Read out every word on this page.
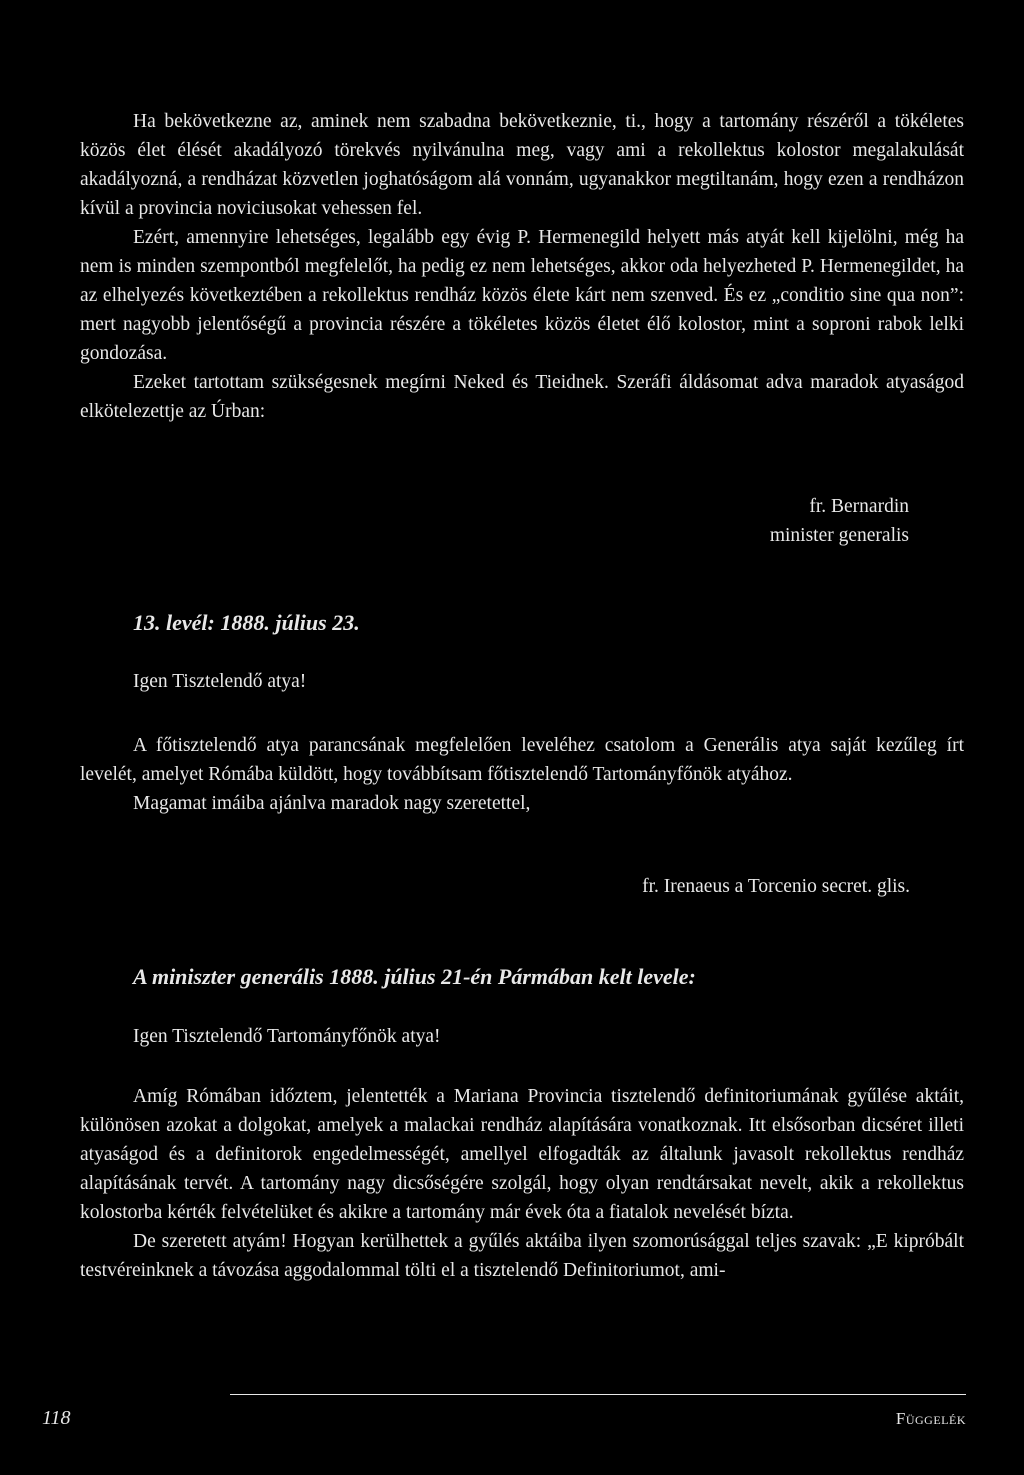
Ha bekövetkezne az, aminek nem szabadna bekövetkeznie, ti., hogy a tartomány részéről a tökéletes közös élet élését akadályozó törekvés nyilvánulna meg, vagy ami a rekollektus kolostor megalakulását akadályozná, a rendházat közvetlen joghatóságom alá vonnám, ugyanakkor megtiltanám, hogy ezen a rendházon kívül a provincia noviciusokat vehessen fel.

Ezért, amennyire lehetséges, legalább egy évig P. Hermenegild helyett más atyát kell kijelölni, még ha nem is minden szempontból megfelelőt, ha pedig ez nem lehetséges, akkor oda helyezheted P. Hermenegildet, ha az elhelyezés következtében a rekollektus rendház közös élete kárt nem szenved. És ez „conditio sine qua non”: mert nagyobb jelentőségű a provincia részére a tökéletes közös életet élő kolostor, mint a soproni rabok lelki gondozása.

Ezeket tartottam szükségesnek megírni Neked és Tieidnek. Szeráfi áldásomat adva maradok atyaságod elkötelezettje az Úrban:

fr. Bernardin
minister generalis
13. levél: 1888. július 23.
Igen Tisztelendő atya!

A főtisztelendő atya parancsának megfelelően leveléhez csatolom a Generális atya saját kezűleg írt levelét, amelyet Rómába küldött, hogy továbbítsam főtisztelendő Tartományfőnök atyához.

Magamat imáiba ajánlva maradok nagy szeretettel,

fr. Irenaeus a Torcenio secret. glis.
A miniszter generális 1888. július 21-én Pármában kelt levele:
Igen Tisztelendő Tartományfőnök atya!

Amíg Rómában időztem, jelentették a Mariana Provincia tisztelendő definitoriumának gyűlése aktáit, különösen azokat a dolgokat, amelyek a malackai rendház alapítására vonatkoznak. Itt elsősorban dicséret illeti atyaságod és a definitorok engedelmességét, amellyel elfogadták az általunk javasolt rekollektus rendház alapításának tervét. A tartomány nagy dicsőségére szolgál, hogy olyan rendtársakat nevelt, akik a rekollektus kolostorba kérték felvételüket és akikre a tartomány már évek óta a fiatalok nevelését bízta.

De szeretett atyám! Hogyan kerülhettek a gyűlés aktáiba ilyen szomorúsággal teljes szavak: „E kipróbált testvéreinknek a távozása aggodalommal tölti el a tisztelendő Definitoriumot, ami-

118	Függelék
